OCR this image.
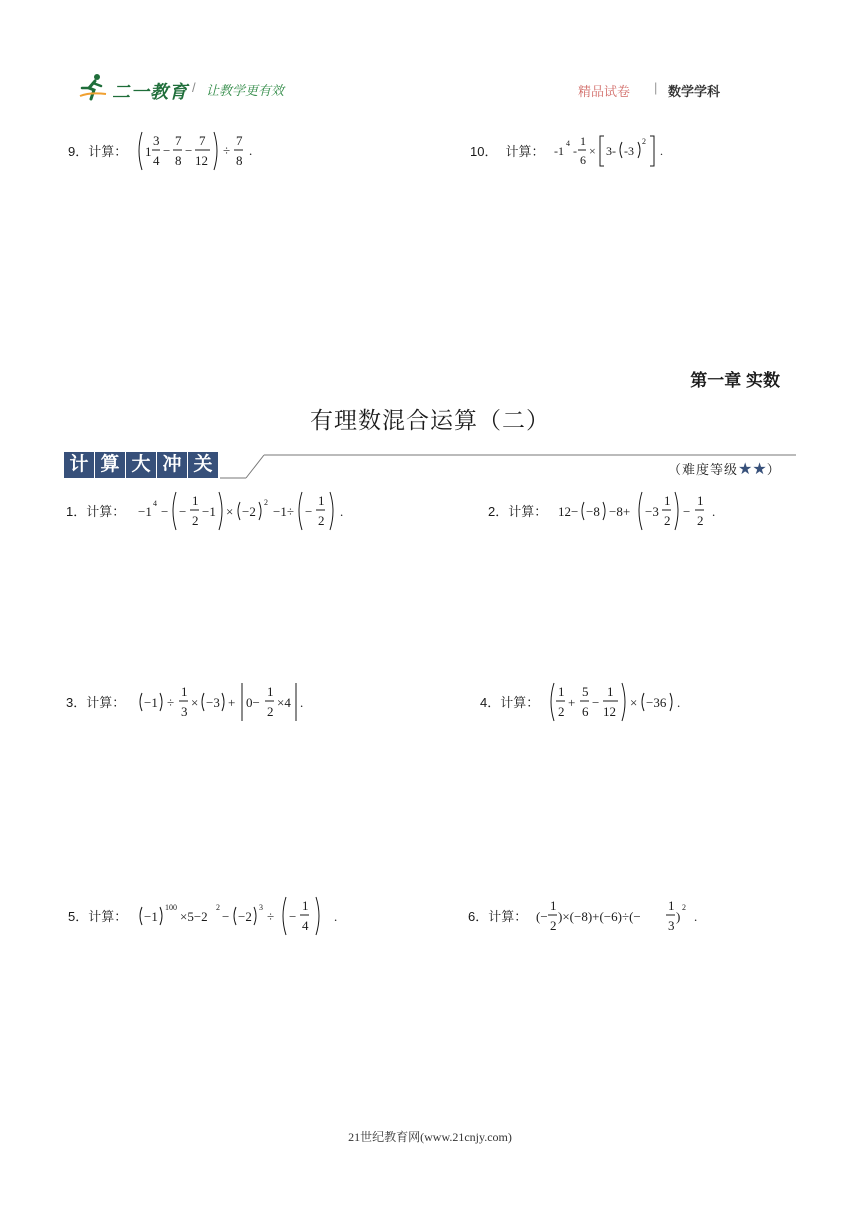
二一教育 / 让教学更有效	精品试卷 | 数学学科
9．计算： 1
3
4
−
7
8
−
7
12
÷
7
8
.	10． 计算： -1
4
-
1
6
× 3- -3
2
.
第一章 实数
有理数混合运算（二）
计 算 大 冲 关	（难度等级★★）
1．计算： −1
4
− −
1
2
−1 × −2
2
−1÷ −
1
2
.	2．计算： 12− −8 −8+ −3
1
2
−
1
2
.
3．计算： −1 ÷
1
3
× −3 + 0−
1
2
×4 .	4．计算：
1
2
+
5
6
−
1
12
× −36 .
5．计算： −1
100
×5−2
2
− −2
3
÷ −
1
4
.	6．计算： (−
1
2
)×(−8)+(−6)÷(−
1
3
)
2
.
21世纪教育网(www.21cnjy.com)
